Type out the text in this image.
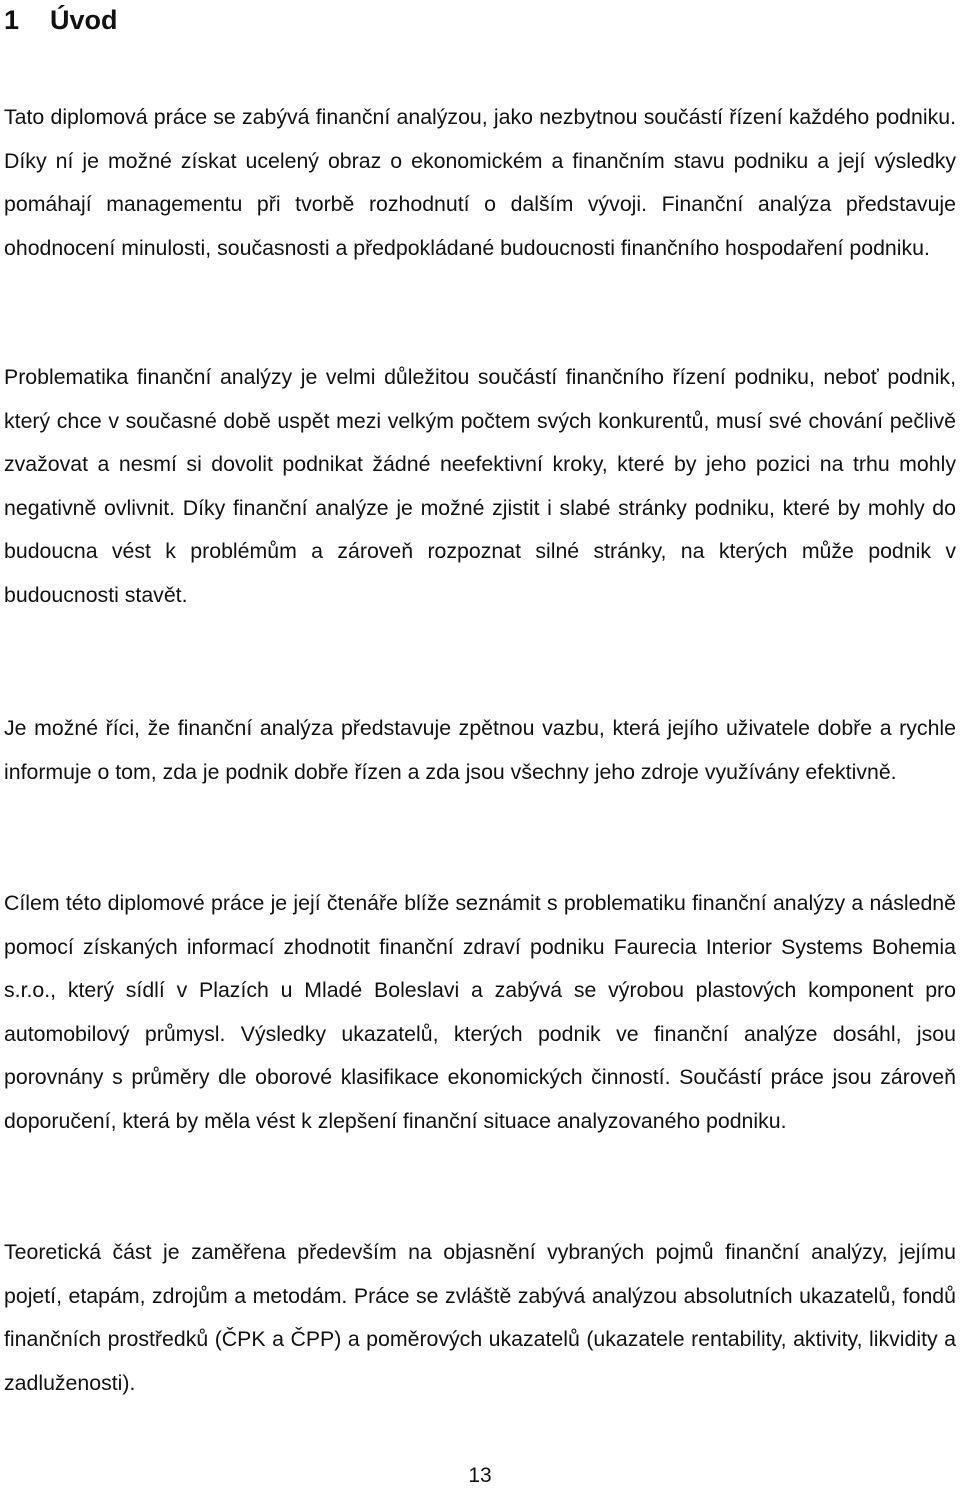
1 Úvod

Tato diplomová práce se zabývá finanční analýzou, jako nezbytnou součástí řízení každého podniku. Díky ní je možné získat ucelený obraz o ekonomickém a finančním stavu podniku a její výsledky pomáhají managementu při tvorbě rozhodnutí o dalším vývoji. Finanční analýza představuje ohodnocení minulosti, současnosti a předpokládané budoucnosti finančního hospodaření podniku.

Problematika finanční analýzy je velmi důležitou součástí finančního řízení podniku, neboť podnik, který chce v současné době uspět mezi velkým počtem svých konkurentů, musí své chování pečlivě zvažovat a nesmí si dovolit podnikat žádné neefektivní kroky, které by jeho pozici na trhu mohly negativně ovlivnit. Díky finanční analýze je možné zjistit i slabé stránky podniku, které by mohly do budoucna vést k problémům a zároveň rozpoznat silné stránky, na kterých může podnik v budoucnosti stavět.

Je možné říci, že finanční analýza představuje zpětnou vazbu, která jejího uživatele dobře a rychle informuje o tom, zda je podnik dobře řízen a zda jsou všechny jeho zdroje využívány efektivně.

Cílem této diplomové práce je její čtenáře blíže seznámit s problematiku finanční analýzy a následně pomocí získaných informací zhodnotit finanční zdraví podniku Faurecia Interior Systems Bohemia s.r.o., který sídlí v Plazích u Mladé Boleslavi a zabývá se výrobou plastových komponent pro automobilový průmysl. Výsledky ukazatelů, kterých podnik ve finanční analýze dosáhl, jsou porovnány s průměry dle oborové klasifikace ekonomických činností. Součástí práce jsou zároveň doporučení, která by měla vést k zlepšení finanční situace analyzovaného podniku.

Teoretická část je zaměřena především na objasnění vybraných pojmů finanční analýzy, jejímu pojetí, etapám, zdrojům a metodám. Práce se zvláště zabývá analýzou absolutních ukazatelů, fondů finančních prostředků (ČPK a ČPP) a poměrových ukazatelů (ukazatele rentability, aktivity, likvidity a zadluženosti).

13
